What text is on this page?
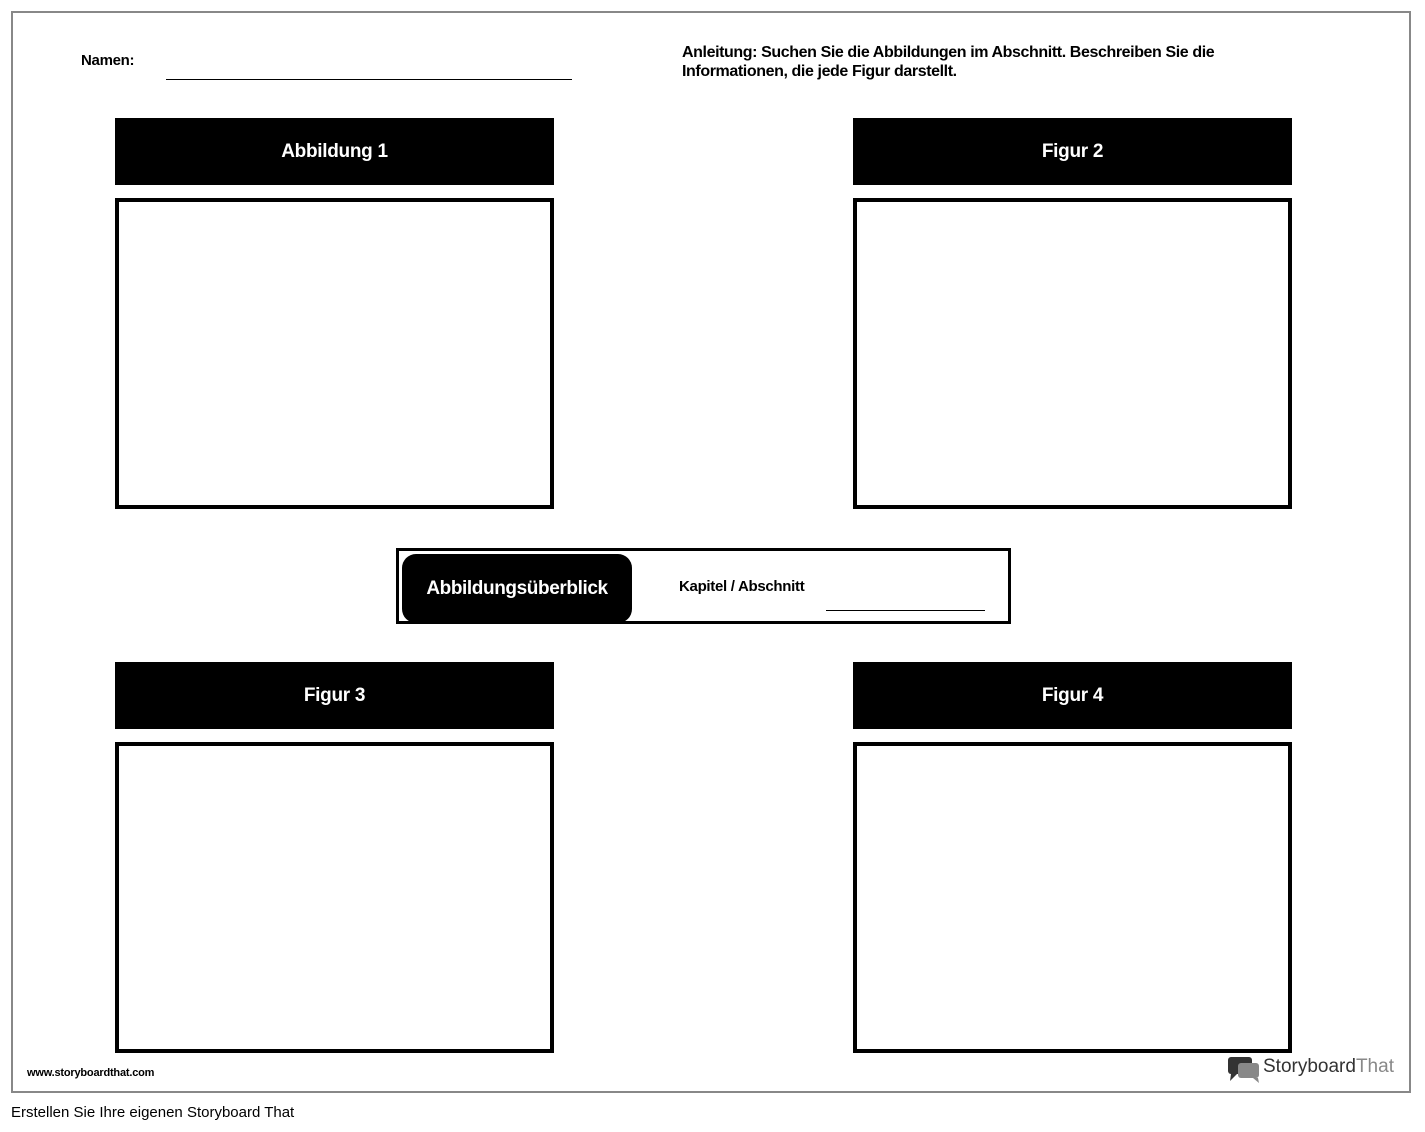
Namen:	Anleitung: Suchen Sie die Abbildungen im Abschnitt. Beschreiben Sie die Informationen, die jede Figur darstellt.
Abbildung 1	Figur 2
Abbildungsüberblick	Kapitel / Abschnitt
Figur 3	Figur 4
www.storyboardthat.com	StoryboardThat
Erstellen Sie Ihre eigenen Storyboard That
